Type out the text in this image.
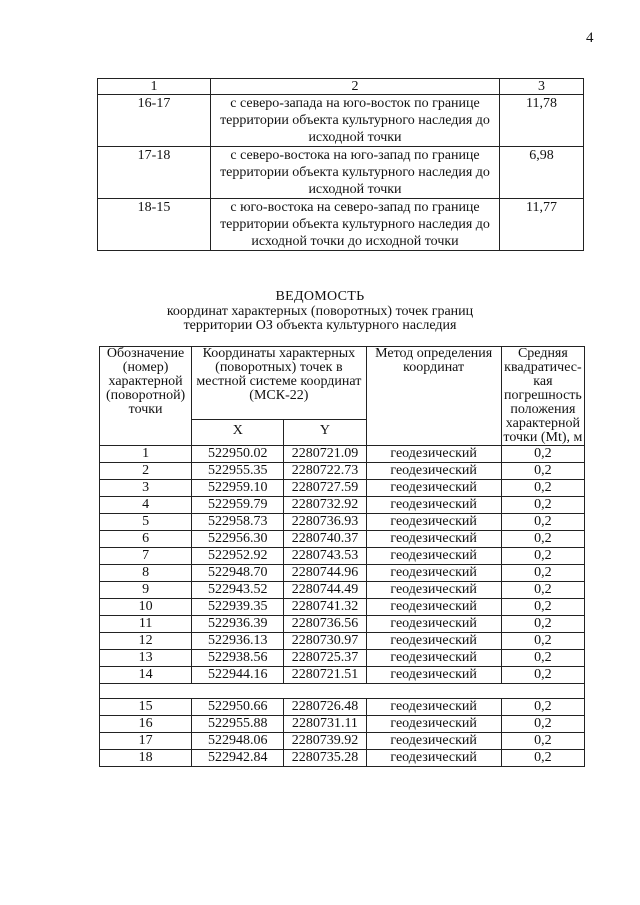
4
1	2	3
16-17	с северо-запада на юго-восток по границе территории объекта культурного наследия до исходной точки	11,78
17-18	с северо-востока на юго-запад по границе территории объекта культурного наследия до исходной точки	6,98
18-15	с юго-востока на северо-запад по границе территории объекта культурного наследия до исходной точки до исходной точки	11,77
ВЕДОМОСТЬ
координат характерных (поворотных) точек границ
территории ОЗ объекта культурного наследия
Обозначение (номер) характерной (поворотной) точки	Координаты характерных (поворотных) точек в местной системе координат (МСК-22)		Метод определения координат	Средняя квадратичес-кая погрешность положения характерной точки (Mt), м
	X	Y		
1	522950.02	2280721.09	геодезический	0,2
2	522955.35	2280722.73	геодезический	0,2
3	522959.10	2280727.59	геодезический	0,2
4	522959.79	2280732.92	геодезический	0,2
5	522958.73	2280736.93	геодезический	0,2
6	522956.30	2280740.37	геодезический	0,2
7	522952.92	2280743.53	геодезический	0,2
8	522948.70	2280744.96	геодезический	0,2
9	522943.52	2280744.49	геодезический	0,2
10	522939.35	2280741.32	геодезический	0,2
11	522936.39	2280736.56	геодезический	0,2
12	522936.13	2280730.97	геодезический	0,2
13	522938.56	2280725.37	геодезический	0,2
14	522944.16	2280721.51	геодезический	0,2

15	522950.66	2280726.48	геодезический	0,2
16	522955.88	2280731.11	геодезический	0,2
17	522948.06	2280739.92	геодезический	0,2
18	522942.84	2280735.28	геодезический	0,2
